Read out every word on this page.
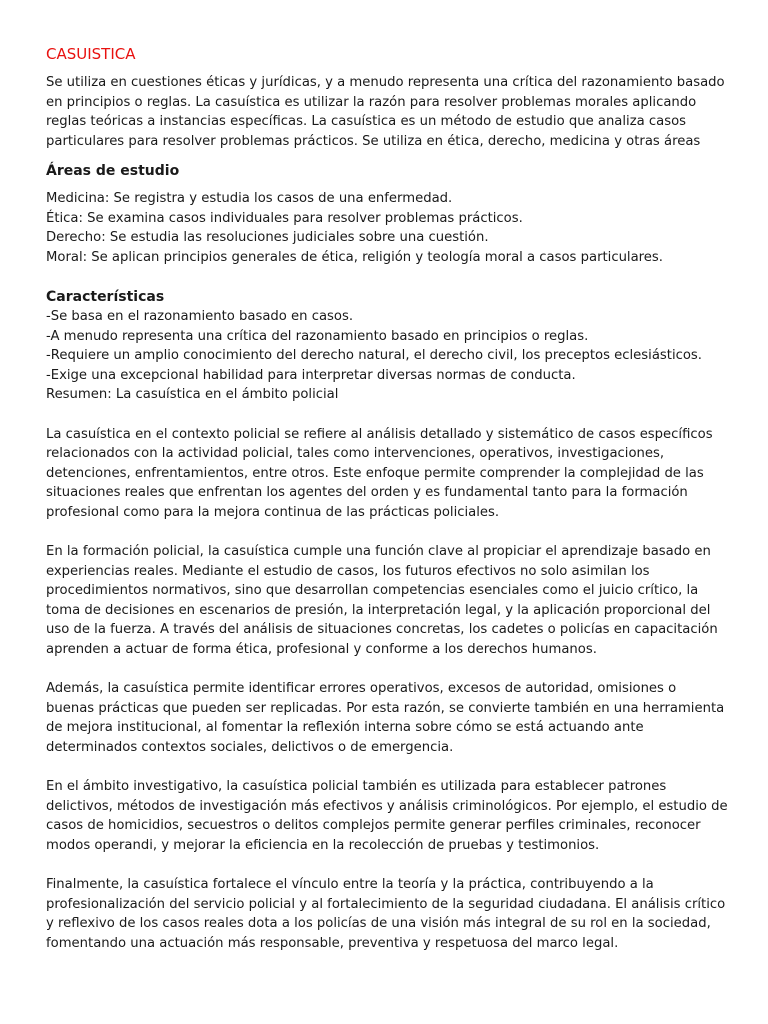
CASUISTICA

Se utiliza en cuestiones éticas y jurídicas, y a menudo representa una crítica del razonamiento basado en principios o reglas. La casuística es utilizar la razón para resolver problemas morales aplicando reglas teóricas a instancias específicas. La casuística es un método de estudio que analiza casos particulares para resolver problemas prácticos. Se utiliza en ética, derecho, medicina y otras áreas

Áreas de estudio
Medicina: Se registra y estudia los casos de una enfermedad.
Ética: Se examina casos individuales para resolver problemas prácticos.
Derecho: Se estudia las resoluciones judiciales sobre una cuestión.
Moral: Se aplican principios generales de ética, religión y teología moral a casos particulares.
Características
-Se basa en el razonamiento basado en casos.
-A menudo representa una crítica del razonamiento basado en principios o reglas.
-Requiere un amplio conocimiento del derecho natural, el derecho civil, los preceptos eclesiásticos.
-Exige una excepcional habilidad para interpretar diversas normas de conducta.
Resumen: La casuística en el ámbito policial

La casuística en el contexto policial se refiere al análisis detallado y sistemático de casos específicos relacionados con la actividad policial, tales como intervenciones, operativos, investigaciones, detenciones, enfrentamientos, entre otros. Este enfoque permite comprender la complejidad de las situaciones reales que enfrentan los agentes del orden y es fundamental tanto para la formación profesional como para la mejora continua de las prácticas policiales.

En la formación policial, la casuística cumple una función clave al propiciar el aprendizaje basado en experiencias reales. Mediante el estudio de casos, los futuros efectivos no solo asimilan los procedimientos normativos, sino que desarrollan competencias esenciales como el juicio crítico, la toma de decisiones en escenarios de presión, la interpretación legal, y la aplicación proporcional del uso de la fuerza. A través del análisis de situaciones concretas, los cadetes o policías en capacitación aprenden a actuar de forma ética, profesional y conforme a los derechos humanos.

Además, la casuística permite identificar errores operativos, excesos de autoridad, omisiones o buenas prácticas que pueden ser replicadas. Por esta razón, se convierte también en una herramienta de mejora institucional, al fomentar la reflexión interna sobre cómo se está actuando ante determinados contextos sociales, delictivos o de emergencia.

En el ámbito investigativo, la casuística policial también es utilizada para establecer patrones delictivos, métodos de investigación más efectivos y análisis criminológicos. Por ejemplo, el estudio de casos de homicidios, secuestros o delitos complejos permite generar perfiles criminales, reconocer modos operandi, y mejorar la eficiencia en la recolección de pruebas y testimonios.

Finalmente, la casuística fortalece el vínculo entre la teoría y la práctica, contribuyendo a la profesionalización del servicio policial y al fortalecimiento de la seguridad ciudadana. El análisis crítico y reflexivo de los casos reales dota a los policías de una visión más integral de su rol en la sociedad, fomentando una actuación más responsable, preventiva y respetuosa del marco legal.
